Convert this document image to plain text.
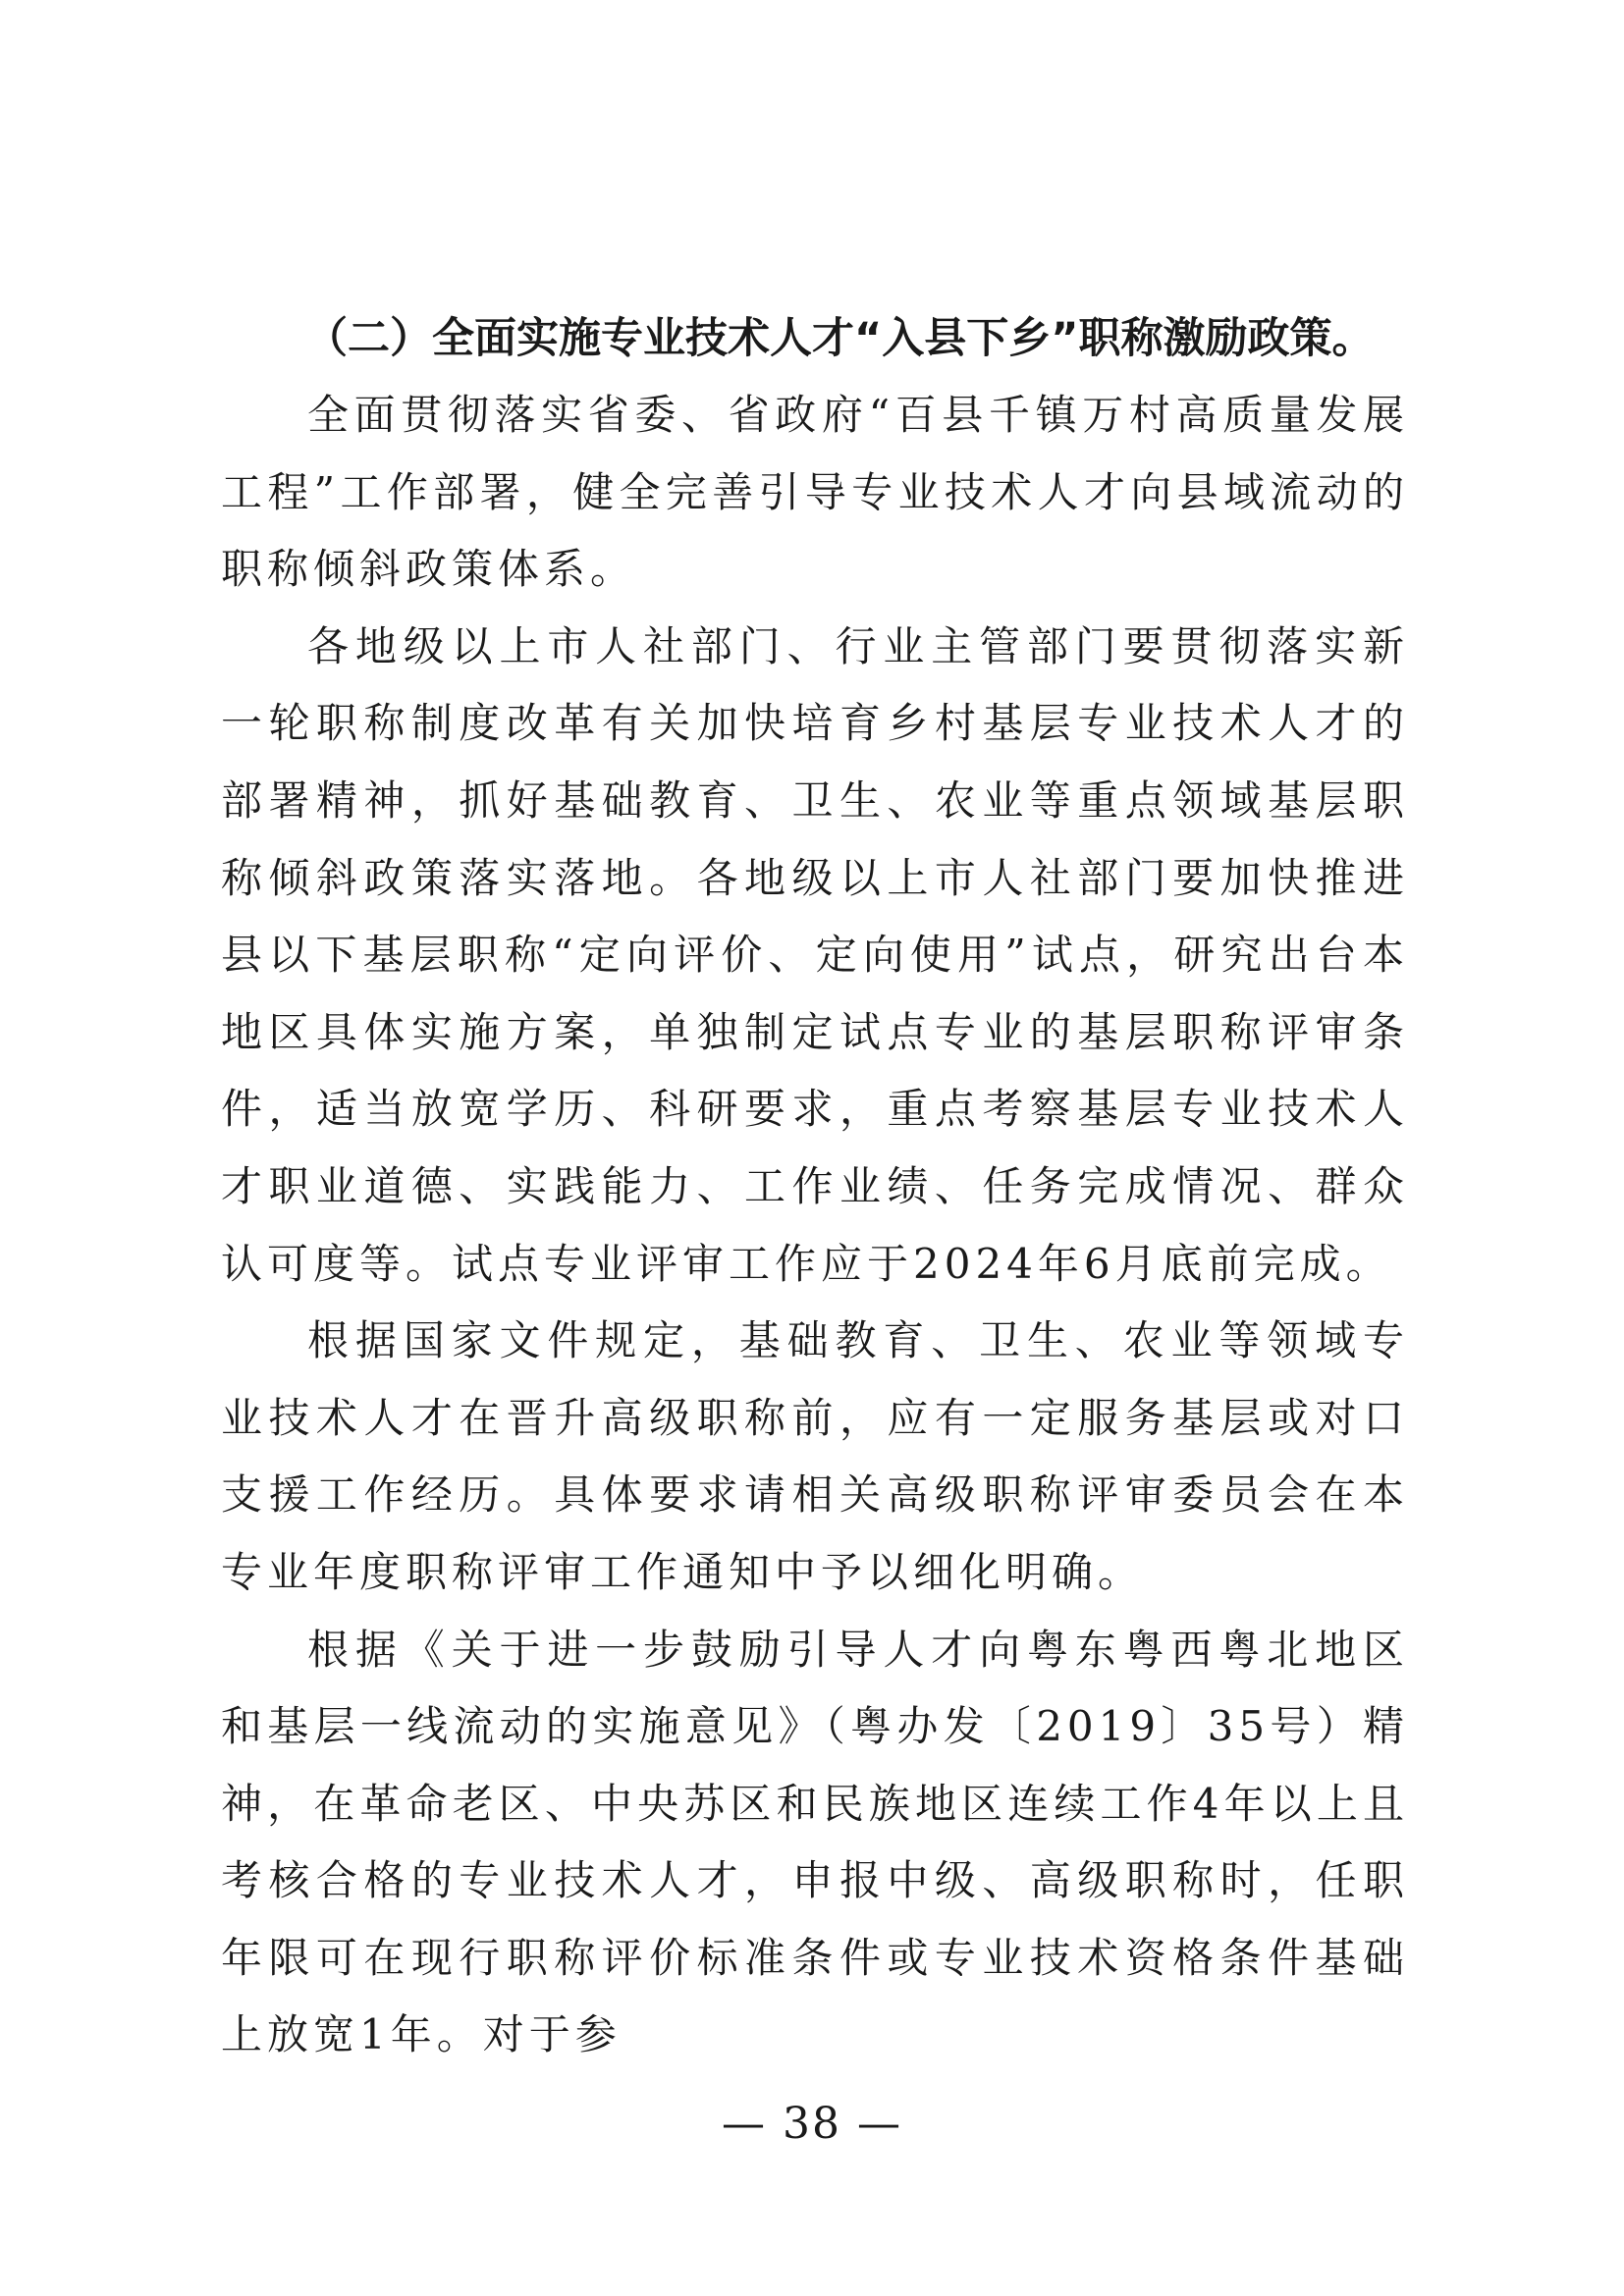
（二）全面实施专业技术人才“入县下乡”职称激励政策。

全面贯彻落实省委、省政府“百县千镇万村高质量发展工程”工作部署，健全完善引导专业技术人才向县域流动的职称倾斜政策体系。

各地级以上市人社部门、行业主管部门要贯彻落实新一轮职称制度改革有关加快培育乡村基层专业技术人才的部署精神，抓好基础教育、卫生、农业等重点领域基层职称倾斜政策落实落地。各地级以上市人社部门要加快推进县以下基层职称“定向评价、定向使用”试点，研究出台本地区具体实施方案，单独制定试点专业的基层职称评审条件，适当放宽学历、科研要求，重点考察基层专业技术人才职业道德、实践能力、工作业绩、任务完成情况、群众认可度等。试点专业评审工作应于2024年6月底前完成。

根据国家文件规定，基础教育、卫生、农业等领域专业技术人才在晋升高级职称前，应有一定服务基层或对口支援工作经历。具体要求请相关高级职称评审委员会在本专业年度职称评审工作通知中予以细化明确。

根据《关于进一步鼓励引导人才向粤东粤西粤北地区和基层一线流动的实施意见》（粤办发〔2019〕35号）精神，在革命老区、中央苏区和民族地区连续工作4年以上且考核合格的专业技术人才，申报中级、高级职称时，任职年限可在现行职称评价标准条件或专业技术资格条件基础上放宽1年。对于参

— 38 —
